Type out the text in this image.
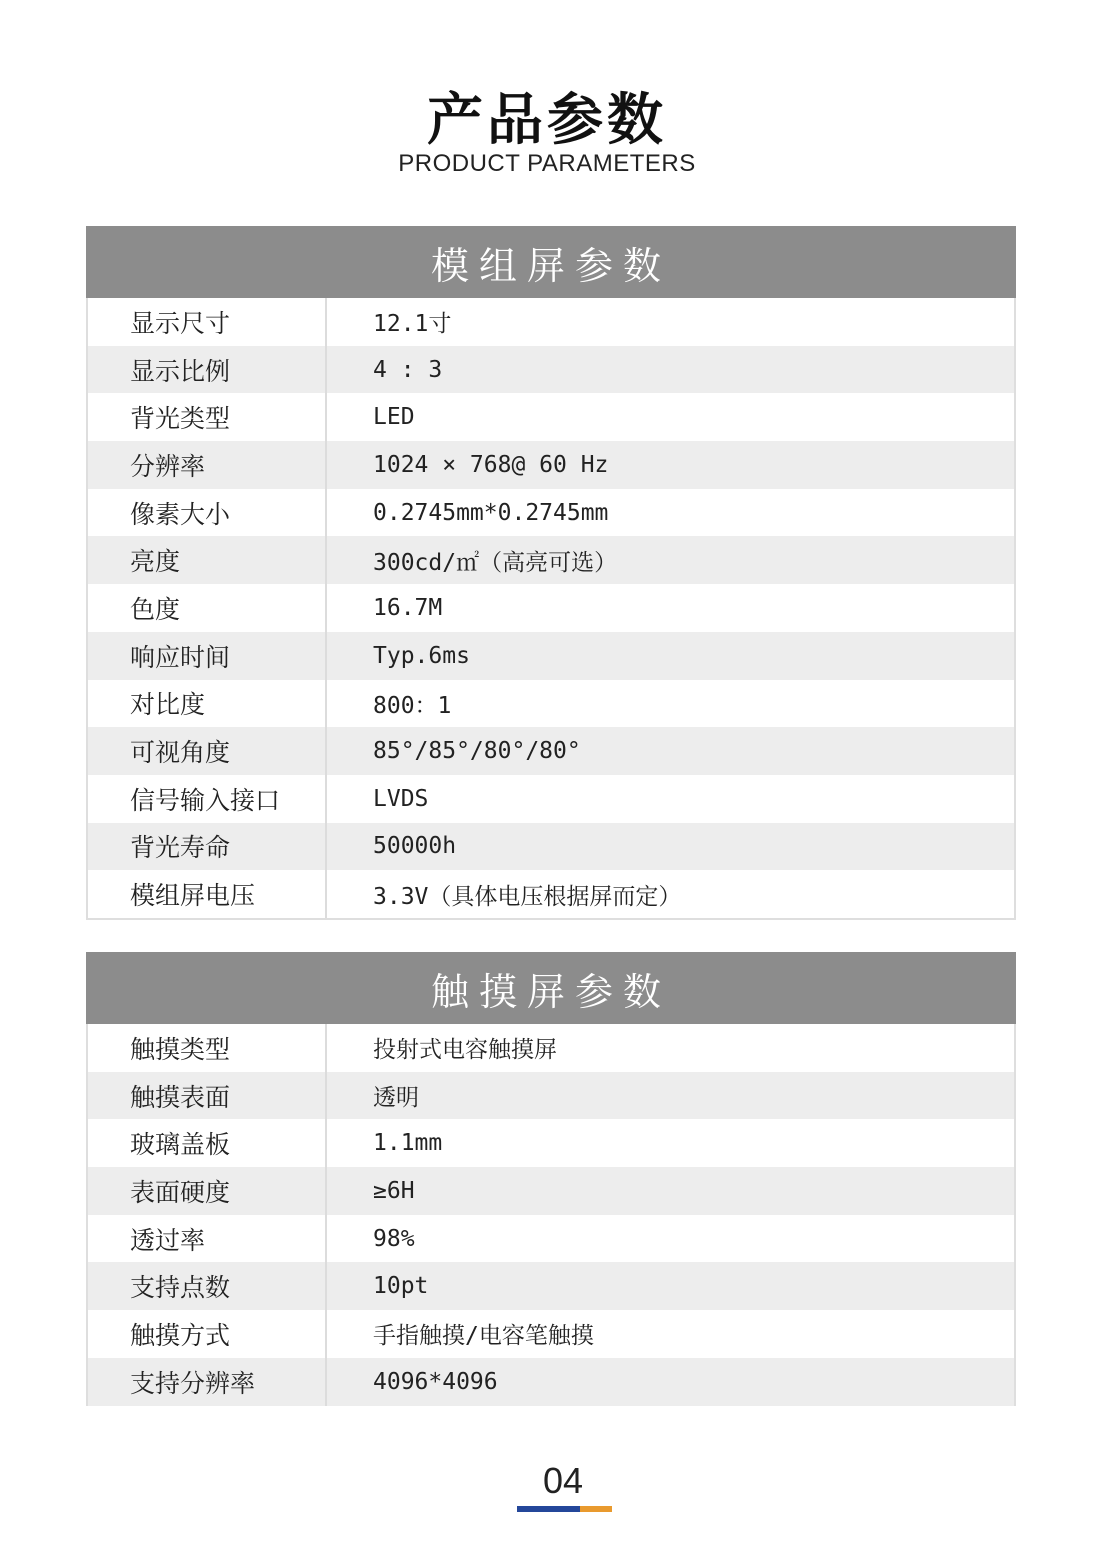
产品参数
PRODUCT PARAMETERS
模组屏参数
显示尺寸	12.1寸
显示比例	4 : 3
背光类型	LED
分辨率	1024 × 768@ 60 Hz
像素大小	0.2745mm*0.2745mm
亮度	300cd/㎡（高亮可选）
色度	16.7M
响应时间	Typ.6ms
对比度	800：1
可视角度	85°/85°/80°/80°
信号输入接口	LVDS
背光寿命	50000h
模组屏电压	3.3V（具体电压根据屏而定）
触摸屏参数
触摸类型	投射式电容触摸屏
触摸表面	透明
玻璃盖板	1.1mm
表面硬度	≥6H
透过率	98%
支持点数	10pt
触摸方式	手指触摸/电容笔触摸
支持分辨率	4096*4096
04
